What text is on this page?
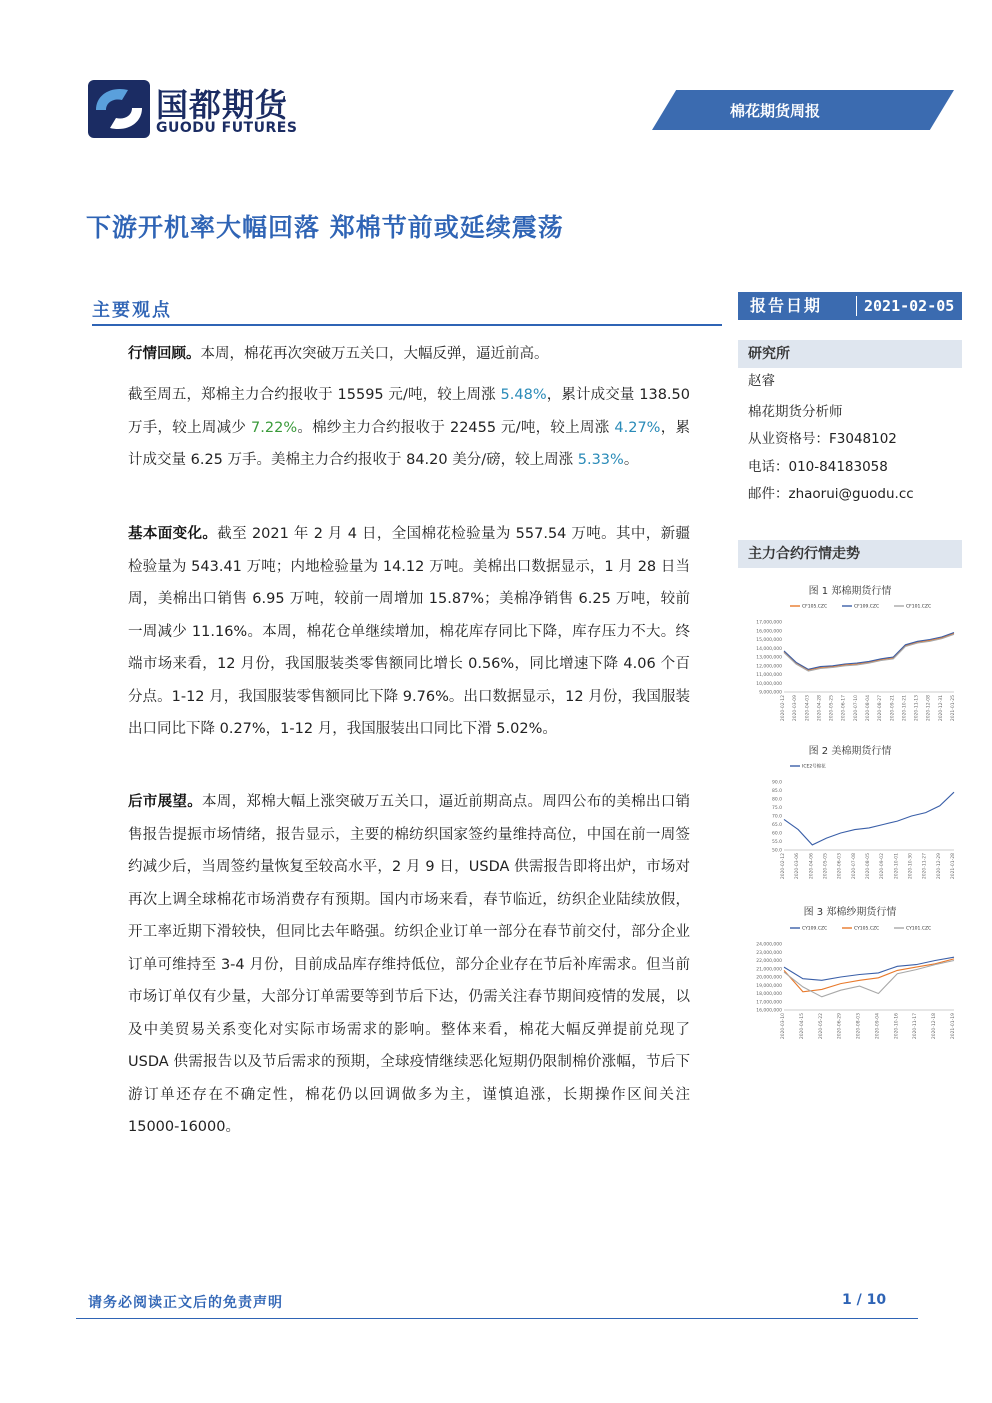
国都期货
GUODU FUTURES
棉花期货周报
下游开机率大幅回落 郑棉节前或延续震荡
主要观点
行情回顾。本周，棉花再次突破万五关口，大幅反弹，逼近前高。
截至周五，郑棉主力合约报收于 15595 元/吨，较上周涨 5.48%，累计成交量 138.50 万手，较上周减少 7.22%。棉纱主力合约报收于 22455 元/吨，较上周涨 4.27%，累计成交量 6.25 万手。美棉主力合约报收于 84.20 美分/磅，较上周涨 5.33%。
基本面变化。截至 2021 年 2 月 4 日，全国棉花检验量为 557.54 万吨。其中，新疆检验量为 543.41 万吨；内地检验量为 14.12 万吨。美棉出口数据显示，1 月 28 日当周，美棉出口销售 6.95 万吨，较前一周增加 15.87%；美棉净销售 6.25 万吨，较前一周减少 11.16%。本周，棉花仓单继续增加，棉花库存同比下降，库存压力不大。终端市场来看，12 月份，我国服装类零售额同比增长 0.56%，同比增速下降 4.06 个百分点。1-12 月，我国服装零售额同比下降 9.76%。出口数据显示，12 月份，我国服装出口同比下降 0.27%，1-12 月，我国服装出口同比下滑 5.02%。
后市展望。本周，郑棉大幅上涨突破万五关口，逼近前期高点。周四公布的美棉出口销售报告提振市场情绪，报告显示，主要的棉纺织国家签约量维持高位，中国在前一周签约减少后，当周签约量恢复至较高水平，2 月 9 日，USDA 供需报告即将出炉，市场对再次上调全球棉花市场消费存有预期。国内市场来看，春节临近，纺织企业陆续放假，开工率近期下滑较快，但同比去年略强。纺织企业订单一部分在春节前交付，部分企业订单可维持至 3-4 月份，目前成品库存维持低位，部分企业存在节后补库需求。但当前市场订单仅有少量，大部分订单需要等到节后下达，仍需关注春节期间疫情的发展，以及中美贸易关系变化对实际市场需求的影响。整体来看，棉花大幅反弹提前兑现了 USDA 供需报告以及节后需求的预期，全球疫情继续恶化短期仍限制棉价涨幅，节后下游订单还存在不确定性，棉花仍以回调做多为主，谨慎追涨，长期操作区间关注 15000-16000。
报告日期	2021-02-05
研究所
赵睿
棉花期货分析师
从业资格号：F3048102
电话：010-84183058
邮件：zhaorui@guodu.cc
主力合约行情走势
图 1 郑棉期货行情
CF105.CZC	CF109.CZC	CF101.CZC
17,000,000
16,000,000
15,000,000
14,000,000
13,000,000
12,000,000
11,000,000
10,000,000
9,000,000
2020-02-12 2020-03-09 2020-04-03 2020-04-28 2020-05-25 2020-06-17 2020-07-10 2020-08-04 2020-08-27 2020-09-21 2020-10-21 2020-11-13 2020-12-08 2020-12-31 2021-01-25
图 2 美棉期货行情
ICE2号棉花
90.0
85.0
80.0
75.0
70.0
65.0
60.0
55.0
50.0
2020-02-12 2020-03-06 2020-04-06 2020-05-05 2020-06-03 2020-07-08 2020-08-05 2020-09-02 2020-10-01 2020-10-30 2020-11-27 2020-12-29 2021-01-28
图 3 郑棉纱期货行情
CY109.CZC	CY105.CZC	CY101.CZC
24,000,000
23,000,000
22,000,000
21,000,000
20,000,000
19,000,000
18,000,000
17,000,000
16,000,000
2020-03-10	2020-04-15	2020-05-22	2020-06-29	2020-08-03	2020-09-04	2020-10-16	2020-11-17	2020-12-18	2021-01-19
请务必阅读正文后的免责声明	1 / 10
